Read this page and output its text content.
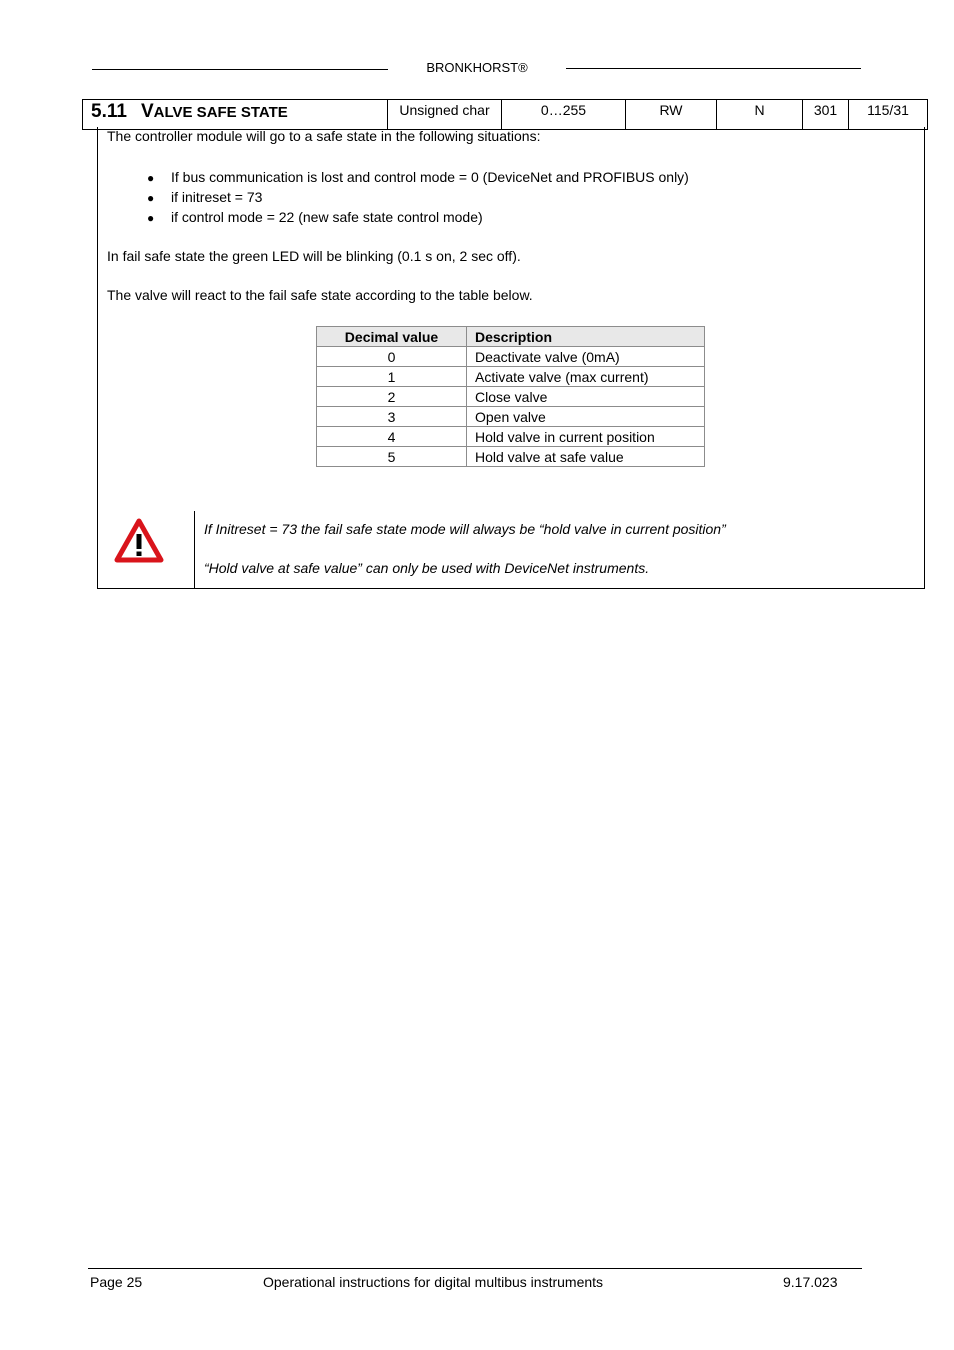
BRONKHORST®
5.11 VALVE SAFE STATE	Unsigned char	0…255	RW	N	301	115/31
The controller module will go to a safe state in the following situations:
● If bus communication is lost and control mode = 0 (DeviceNet and PROFIBUS only)
● if initreset = 73
● if control mode = 22 (new safe state control mode)
In fail safe state the green LED will be blinking (0.1 s on, 2 sec off).
The valve will react to the fail safe state according to the table below.
Decimal value	Description
0	Deactivate valve (0mA)
1	Activate valve (max current)
2	Close valve
3	Open valve
4	Hold valve in current position
5	Hold valve at safe value
If Initreset = 73 the fail safe state mode will always be “hold valve in current position”
“Hold valve at safe value” can only be used with DeviceNet instruments.
Page 25	Operational instructions for digital multibus instruments	9.17.023
